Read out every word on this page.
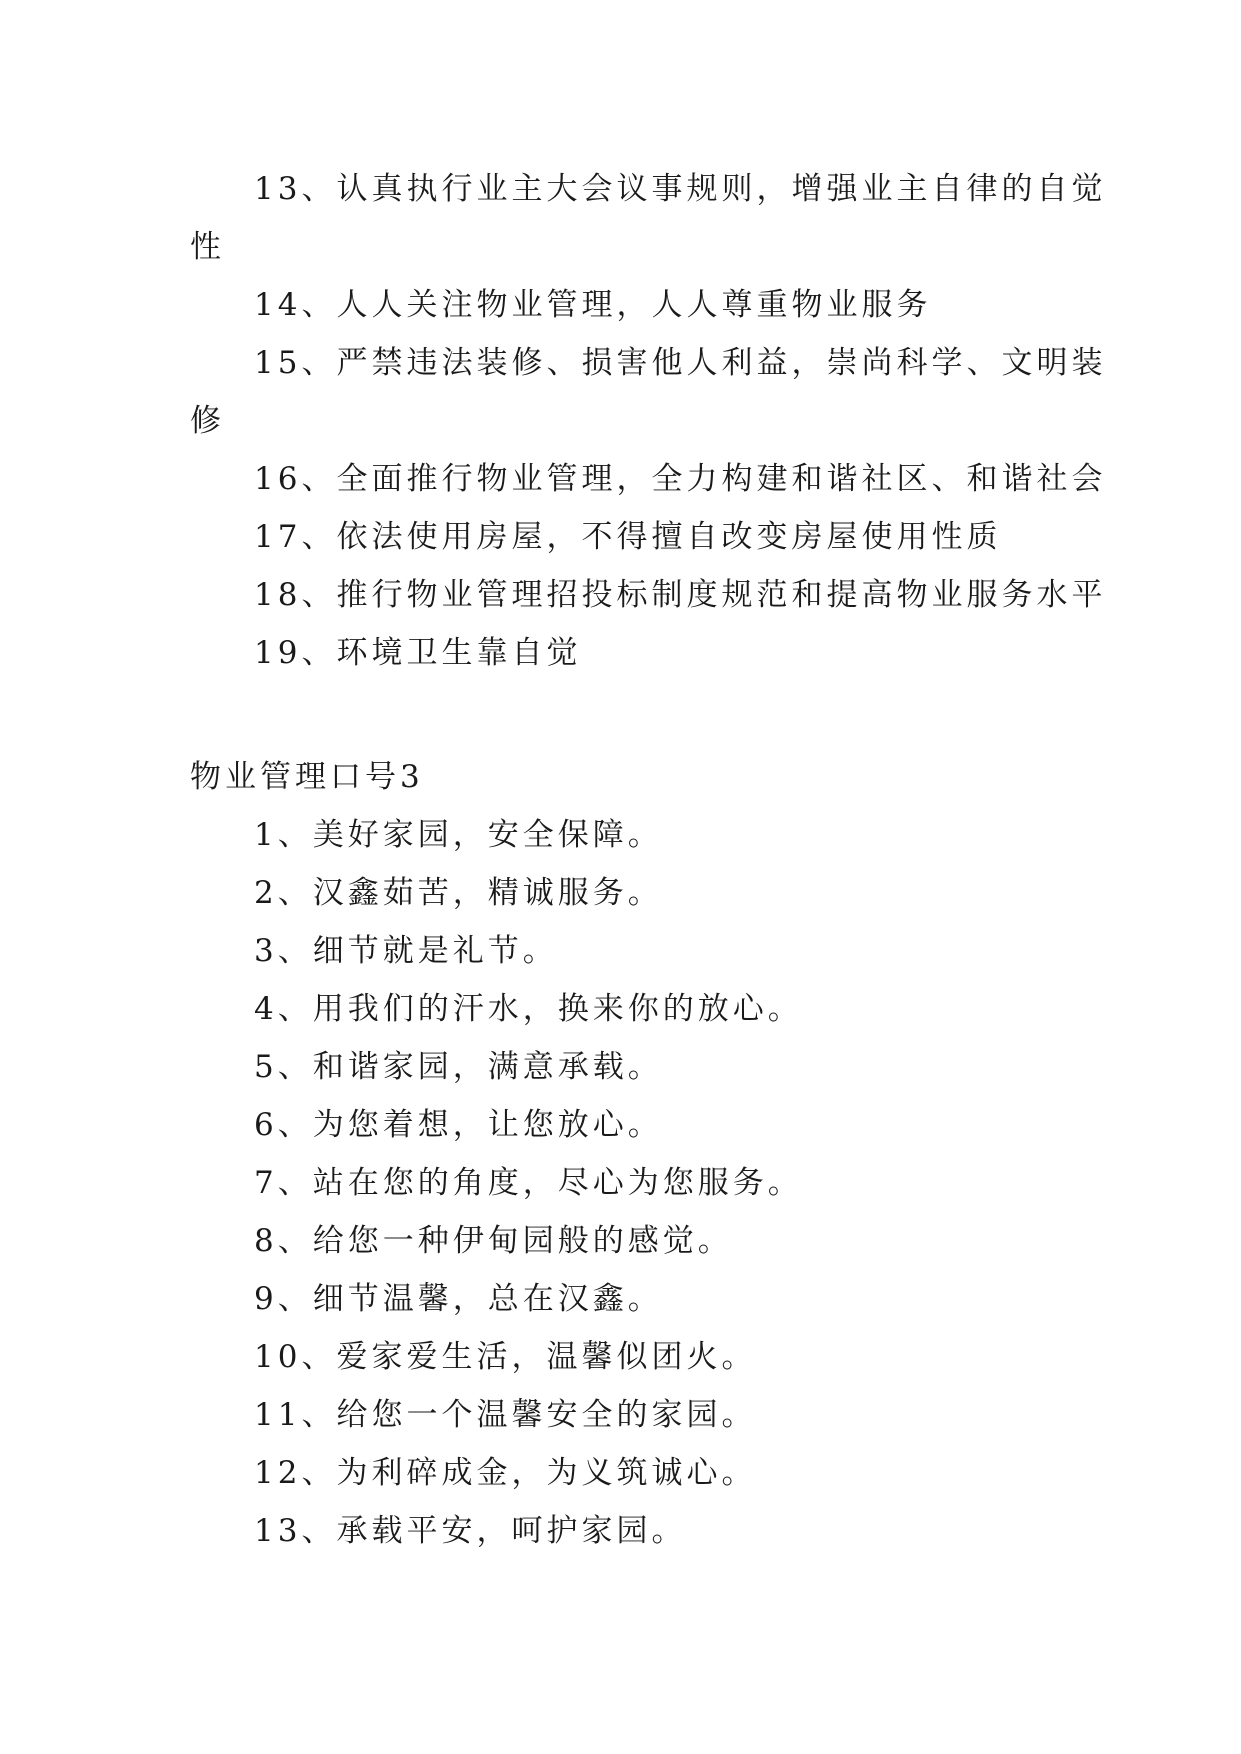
13、认真执行业主大会议事规则，增强业主自律的自觉
性
14、人人关注物业管理，人人尊重物业服务
15、严禁违法装修、损害他人利益，崇尚科学、文明装
修
16、全面推行物业管理，全力构建和谐社区、和谐社会
17、依法使用房屋，不得擅自改变房屋使用性质
18、推行物业管理招投标制度规范和提高物业服务水平
19、环境卫生靠自觉
物业管理口号3
1、美好家园，安全保障。
2、汉鑫茹苦，精诚服务。
3、细节就是礼节。
4、用我们的汗水，换来你的放心。
5、和谐家园，满意承载。
6、为您着想，让您放心。
7、站在您的角度，尽心为您服务。
8、给您一种伊甸园般的感觉。
9、细节温馨，总在汉鑫。
10、爱家爱生活，温馨似团火。
11、给您一个温馨安全的家园。
12、为利碎成金，为义筑诚心。
13、承载平安，呵护家园。
